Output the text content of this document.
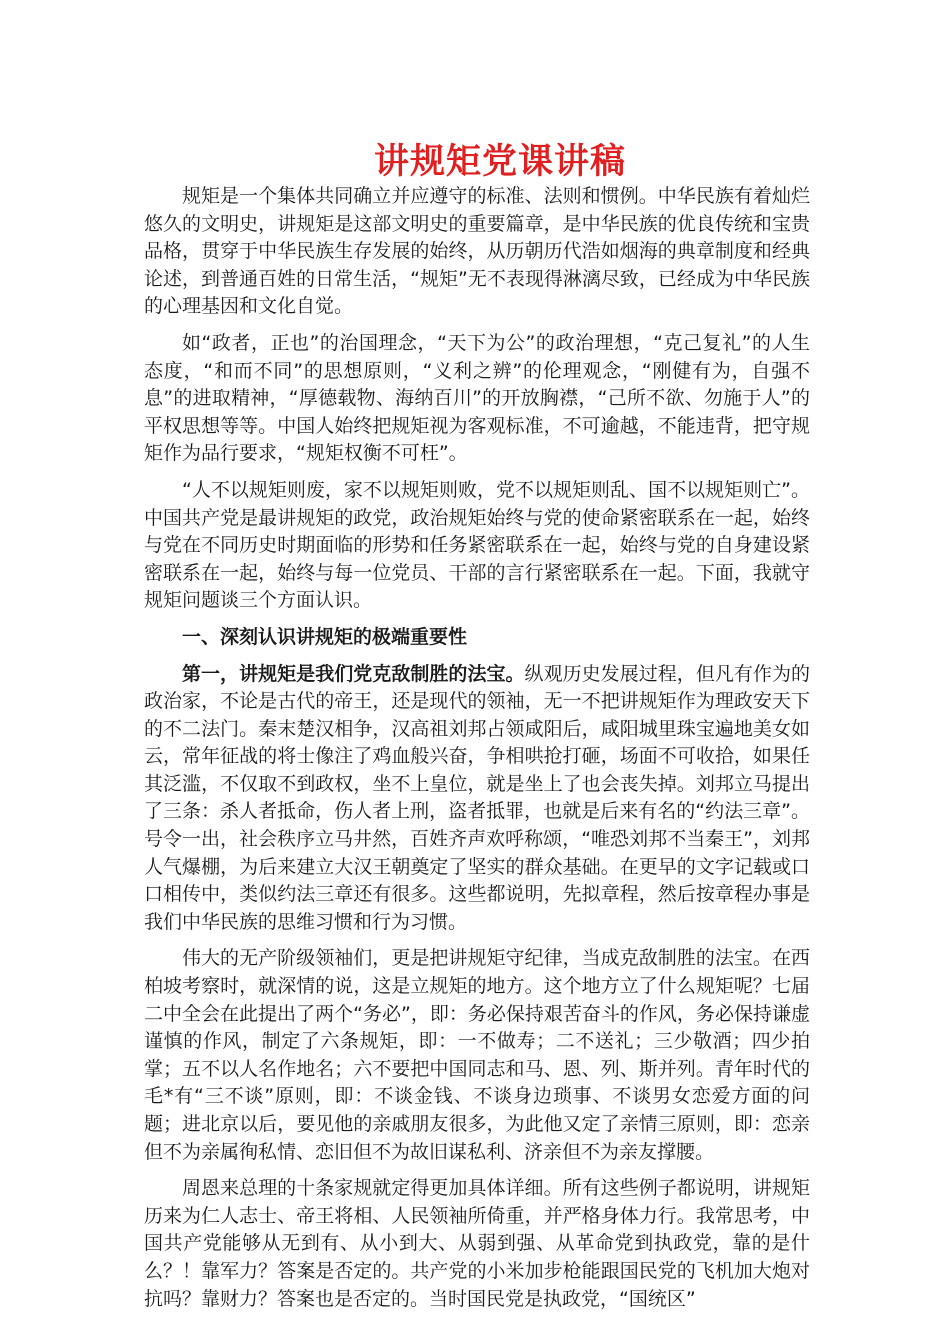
讲规矩党课讲稿

规矩是一个集体共同确立并应遵守的标准、法则和惯例。中华民族有着灿烂悠久的文明史，讲规矩是这部文明史的重要篇章，是中华民族的优良传统和宝贵品格，贯穿于中华民族生存发展的始终，从历朝历代浩如烟海的典章制度和经典论述，到普通百姓的日常生活，“规矩”无不表现得淋漓尽致，已经成为中华民族的心理基因和文化自觉。

如“政者，正也”的治国理念，“天下为公”的政治理想，“克己复礼”的人生态度，“和而不同”的思想原则，“义利之辨”的伦理观念，“刚健有为，自强不息”的进取精神，“厚德载物、海纳百川”的开放胸襟，“己所不欲、勿施于人”的平权思想等等。中国人始终把规矩视为客观标准，不可逾越，不能违背，把守规矩作为品行要求，“规矩权衡不可枉”。

“人不以规矩则废，家不以规矩则败，党不以规矩则乱、国不以规矩则亡”。中国共产党是最讲规矩的政党，政治规矩始终与党的使命紧密联系在一起，始终与党在不同历史时期面临的形势和任务紧密联系在一起，始终与党的自身建设紧密联系在一起，始终与每一位党员、干部的言行紧密联系在一起。下面，我就守规矩问题谈三个方面认识。

一、深刻认识讲规矩的极端重要性

第一，讲规矩是我们党克敌制胜的法宝。纵观历史发展过程，但凡有作为的政治家，不论是古代的帝王，还是现代的领袖，无一不把讲规矩作为理政安天下的不二法门。秦末楚汉相争，汉高祖刘邦占领咸阳后，咸阳城里珠宝遍地美女如云，常年征战的将士像注了鸡血般兴奋，争相哄抢打砸，场面不可收拾，如果任其泛滥，不仅取不到政权，坐不上皇位，就是坐上了也会丧失掉。刘邦立马提出了三条：杀人者抵命，伤人者上刑，盗者抵罪，也就是后来有名的“约法三章”。号令一出，社会秩序立马井然，百姓齐声欢呼称颂，“唯恐刘邦不当秦王”，刘邦人气爆棚，为后来建立大汉王朝奠定了坚实的群众基础。在更早的文字记载或口口相传中，类似约法三章还有很多。这些都说明，先拟章程，然后按章程办事是我们中华民族的思维习惯和行为习惯。

伟大的无产阶级领袖们，更是把讲规矩守纪律，当成克敌制胜的法宝。在西柏坡考察时，就深情的说，这是立规矩的地方。这个地方立了什么规矩呢？七届二中全会在此提出了两个“务必”，即：务必保持艰苦奋斗的作风，务必保持谦虚谨慎的作风，制定了六条规矩，即：一不做寿；二不送礼；三少敬酒；四少拍掌；五不以人名作地名；六不要把中国同志和马、恩、列、斯并列。青年时代的毛*有“三不谈”原则，即：不谈金钱、不谈身边琐事、不谈男女恋爱方面的问题；进北京以后，要见他的亲戚朋友很多，为此他又定了亲情三原则，即：恋亲但不为亲属徇私情、恋旧但不为故旧谋私利、济亲但不为亲友撑腰。

周恩来总理的十条家规就定得更加具体详细。所有这些例子都说明，讲规矩历来为仁人志士、帝王将相、人民领袖所倚重，并严格身体力行。我常思考，中国共产党能够从无到有、从小到大、从弱到强、从革命党到执政党，靠的是什么？！靠军力？答案是否定的。共产党的小米加步枪能跟国民党的飞机加大炮对抗吗？靠财力？答案也是否定的。当时国民党是执政党，“国统区”
